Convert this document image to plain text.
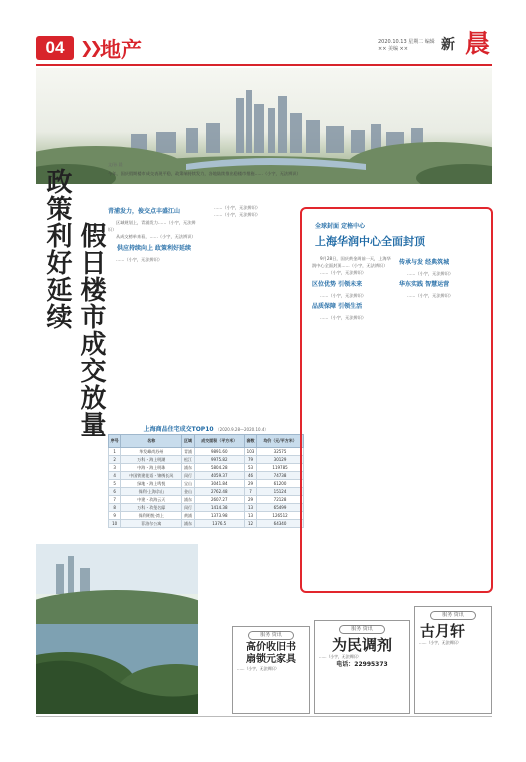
04 ❯❯ 地产	2020.10.13 星期二 编辑 ×× 美编 ××	新 晨
文/孙 晨
今年，国庆假期楼市成交表现平稳，政策端持续发力，各地陆续推出稳楼市措施……（小字，无法辨识）
政策利好延续 假日楼市成交放量
青浦发力，俊交点丰盛江山

区域规划上，青浦发力……（小字，无法辨识）

从成交榜单来看，……（小字，无法辨识）

供应持续向上 政策利好延续

……（小字，无法辨识）

……（小字，无法辨识）

……（小字，无法辨识）

上海商品住宅成交TOP10 （2020.9.28—2020.10.4）
序号	名称	区域	成交面积（平方米）	套数	均价（元/平方米）
1	华发峰尚苏州	青浦	9891.60	103	32575
2	万科・海上明湖	松江	9975.82	79	30129
3	中海・海上明珠	浦东	5804.28	53	119785
4	中国铁建花语・锦绣长风	闵行	4059.37	46	74738
5	绿地・海上鸣悦	宝山	3041.84	29	61200
6	保利·上海佘山	金山	2762.48	7	15124
7	中建・玖海云天	浦东	2607.27	29	72128
8	万科・玖玺名邸	闵行	1414.38	13	65499
9	保利明悦·湾上	黄浦	1373.98	13	126512
10	菲洛尔公寓	浦东	1376.5	12	64340
全球封面 定格中心
上海华润中心全面封顶

9月28日，国庆黄金周前一天，上海华润中心全面封顶……（小字，无法辨识）

……（小字，无法辨识）

区位优势 引领未来

……（小字，无法辨识）

品质保障 引领生活

……（小字，无法辨识）

传承与发 经典筑城

……（小字，无法辨识）

华东实践 智慧运营

……（小字，无法辨识）

服务 资讯
高价收旧书
扇锁元家具
……（小字，无法辨识）
服务 资讯
为民调剂
……（小字，无法辨识）
电话：22995373
服务 资讯
古月轩
……（小字，无法辨识）
